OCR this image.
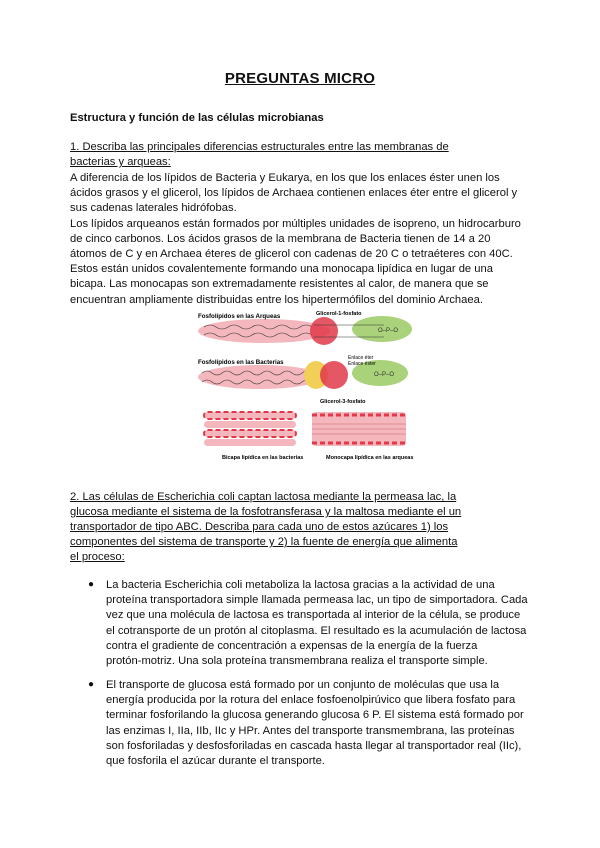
PREGUNTAS MICRO
Estructura y función de las células microbianas
1. Describa las principales diferencias estructurales entre las membranas de
bacterias y arqueas:

A diferencia de los lípidos de Bacteria y Eukarya, en los que los enlaces éster unen los

ácidos grasos y el glicerol, los lípidos de Archaea contienen enlaces éter entre el glicerol y

sus cadenas laterales hidrófobas.

Los lípidos arqueanos están formados por múltiples unidades de isopreno, un hidrocarburo

de cinco carbonos. Los ácidos grasos de la membrana de Bacteria tienen de 14 a 20

átomos de C y en Archaea éteres de glicerol con cadenas de 20 C o tetraéteres con 40C.

Estos están unidos covalentemente formando una monocapa lipídica en lugar de una

bicapa. Las monocapas son extremadamente resistentes al calor, de manera que se

encuentran ampliamente distribuidas entre los hipertermófilos del dominio Archaea.

O–P–O
Fosfolípidos en las Arqueas	Glicerol-1-fosfato
O–P–O
Fosfolípidos en las Bacterias
Enlace éter
Enlace éster
Glicerol-3-fosfato
Bicapa lipídica en las bacterias	Monocapa lipídica en las arqueas
2. Las células de Escherichia coli captan lactosa mediante la permeasa lac, la
glucosa mediante el sistema de la fosfotransferasa y la maltosa mediante el un
transportador de tipo ABC. Describa para cada uno de estos azúcares 1) los
componentes del sistema de transporte y 2) la fuente de energía que alimenta
el proceso:
● La bacteria Escherichia coli metaboliza la lactosa gracias a la actividad de una
proteína transportadora simple llamada permeasa lac, un tipo de simportadora. Cada
vez que una molécula de lactosa es transportada al interior de la célula, se produce
el cotransporte de un protón al citoplasma. El resultado es la acumulación de lactosa
contra el gradiente de concentración a expensas de la energía de la fuerza
protón-motriz. Una sola proteína transmembrana realiza el transporte simple.
● El transporte de glucosa está formado por un conjunto de moléculas que usa la
energía producida por la rotura del enlace fosfoenolpirúvico que libera fosfato para
terminar fosforilando la glucosa generando glucosa 6 P. El sistema está formado por
las enzimas I, IIa, IIb, IIc y HPr. Antes del transporte transmembrana, las proteínas
son fosforiladas y desfosforiladas en cascada hasta llegar al transportador real (IIc),
que fosforila el azúcar durante el transporte.
